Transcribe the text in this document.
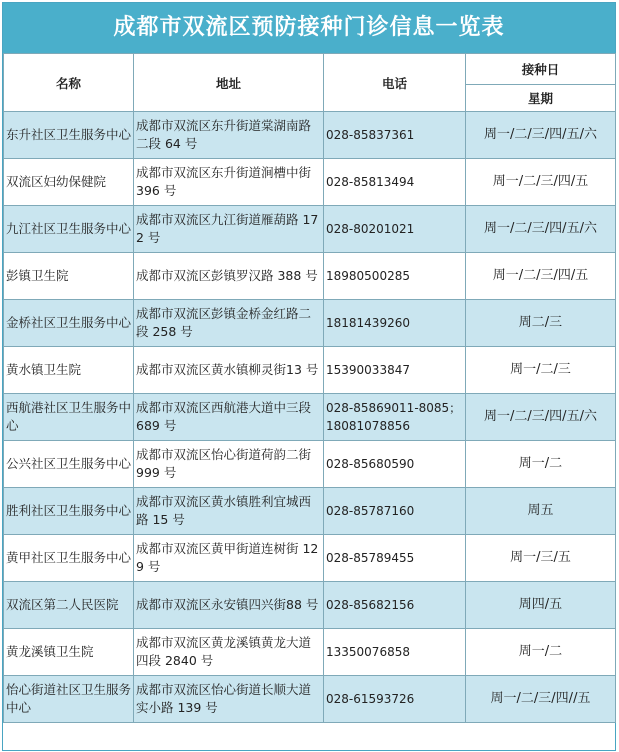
成都市双流区预防接种门诊信息一览表
名称	地址	电话	接种日
			星期
东升社区卫生服务中心	成都市双流区东升街道棠湖南路二段 64 号	028-85837361	周一/二/三/四/五/六
双流区妇幼保健院	成都市双流区东升街道涧槽中街 396 号	028-85813494	周一/二/三/四/五
九江社区卫生服务中心	成都市双流区九江街道雁葫路 172 号	028-80201021	周一/二/三/四/五/六
彭镇卫生院	成都市双流区彭镇罗汉路 388 号	18980500285	周一/二/三/四/五
金桥社区卫生服务中心	成都市双流区彭镇金桥金红路二段 258 号	18181439260	周二/三
黄水镇卫生院	成都市双流区黄水镇柳灵街13 号	15390033847	周一/二/三
西航港社区卫生服务中心	成都市双流区西航港大道中三段 689 号	028-85869011-8085；18081078856	周一/二/三/四/五/六
公兴社区卫生服务中心	成都市双流区怡心街道荷韵二街 999 号	028-85680590	周一/二
胜利社区卫生服务中心	成都市双流区黄水镇胜利宜城西路 15 号	028-85787160	周五
黄甲社区卫生服务中心	成都市双流区黄甲街道连树街 129 号	028-85789455	周一/三/五
双流区第二人民医院	成都市双流区永安镇四兴街88 号	028-85682156	周四/五
黄龙溪镇卫生院	成都市双流区黄龙溪镇黄龙大道四段 2840 号	13350076858	周一/二
怡心街道社区卫生服务中心	成都市双流区怡心街道长顺大道实小路 139 号	028-61593726	周一/二/三/四//五
